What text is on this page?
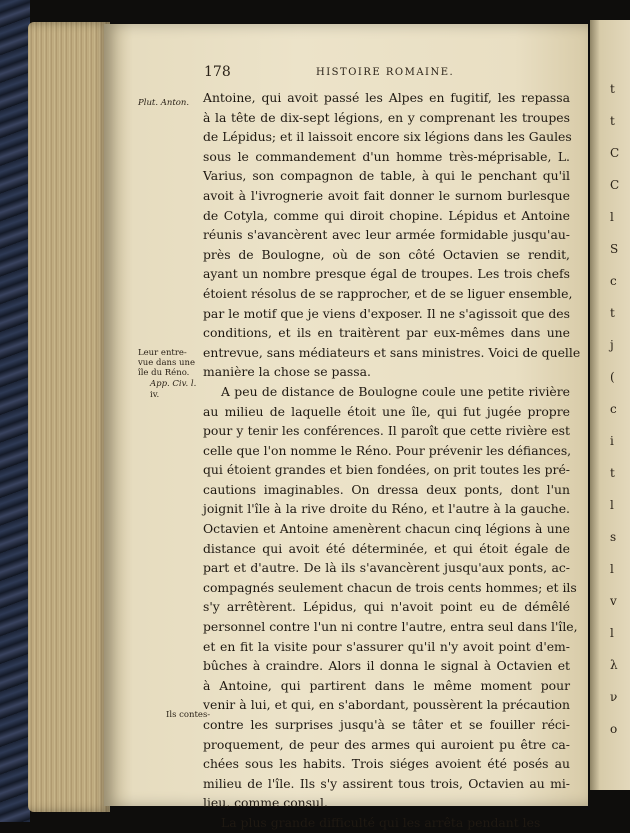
t
t
C
C
l
S
c
t
j
(
c
i
t
l
s
l
v
l
λ
ν
ο
178	HISTOIRE ROMAINE.
Plut. Anton.
Leur entre-
vue dans une
île du Réno.
App. Civ. l.
iv.
Ils contes-
Antoine, qui avoit passé les Alpes en fugitif, les repassa
à la tête de dix-sept légions, en y comprenant les troupes
de Lépidus; et il laissoit encore six légions dans les Gaules
sous le commandement d'un homme très-méprisable, L.
Varius, son compagnon de table, à qui le penchant qu'il
avoit à l'ivrognerie avoit fait donner le surnom burlesque
de Cotyla, comme qui diroit chopine. Lépidus et Antoine
réunis s'avancèrent avec leur armée formidable jusqu'au-
près de Boulogne, où de son côté Octavien se rendit,
ayant un nombre presque égal de troupes. Les trois chefs
étoient résolus de se rapprocher, et de se liguer ensemble,
par le motif que je viens d'exposer. Il ne s'agissoit que des
conditions, et ils en traitèrent par eux-mêmes dans une
entrevue, sans médiateurs et sans ministres. Voici de quelle
manière la chose se passa.
A peu de distance de Boulogne coule une petite rivière
au milieu de laquelle étoit une île, qui fut jugée propre
pour y tenir les conférences. Il paroît que cette rivière est
celle que l'on nomme le Réno. Pour prévenir les défiances,
qui étoient grandes et bien fondées, on prit toutes les pré-
cautions imaginables. On dressa deux ponts, dont l'un
joignit l'île à la rive droite du Réno, et l'autre à la gauche.
Octavien et Antoine amenèrent chacun cinq légions à une
distance qui avoit été déterminée, et qui étoit égale de
part et d'autre. De là ils s'avancèrent jusqu'aux ponts, ac-
compagnés seulement chacun de trois cents hommes; et ils
s'y arrêtèrent. Lépidus, qui n'avoit point eu de démêlé
personnel contre l'un ni contre l'autre, entra seul dans l'île,
et en fit la visite pour s'assurer qu'il n'y avoit point d'em-
bûches à craindre. Alors il donna le signal à Octavien et
à Antoine, qui partirent dans le même moment pour
venir à lui, et qui, en s'abordant, poussèrent la précaution
contre les surprises jusqu'à se tâter et se fouiller réci-
proquement, de peur des armes qui auroient pu être ca-
chées sous les habits. Trois siéges avoient été posés au
milieu de l'île. Ils s'y assirent tous trois, Octavien au mi-
lieu, comme consul.
La plus grande difficulté qui les arrêta pendant les
